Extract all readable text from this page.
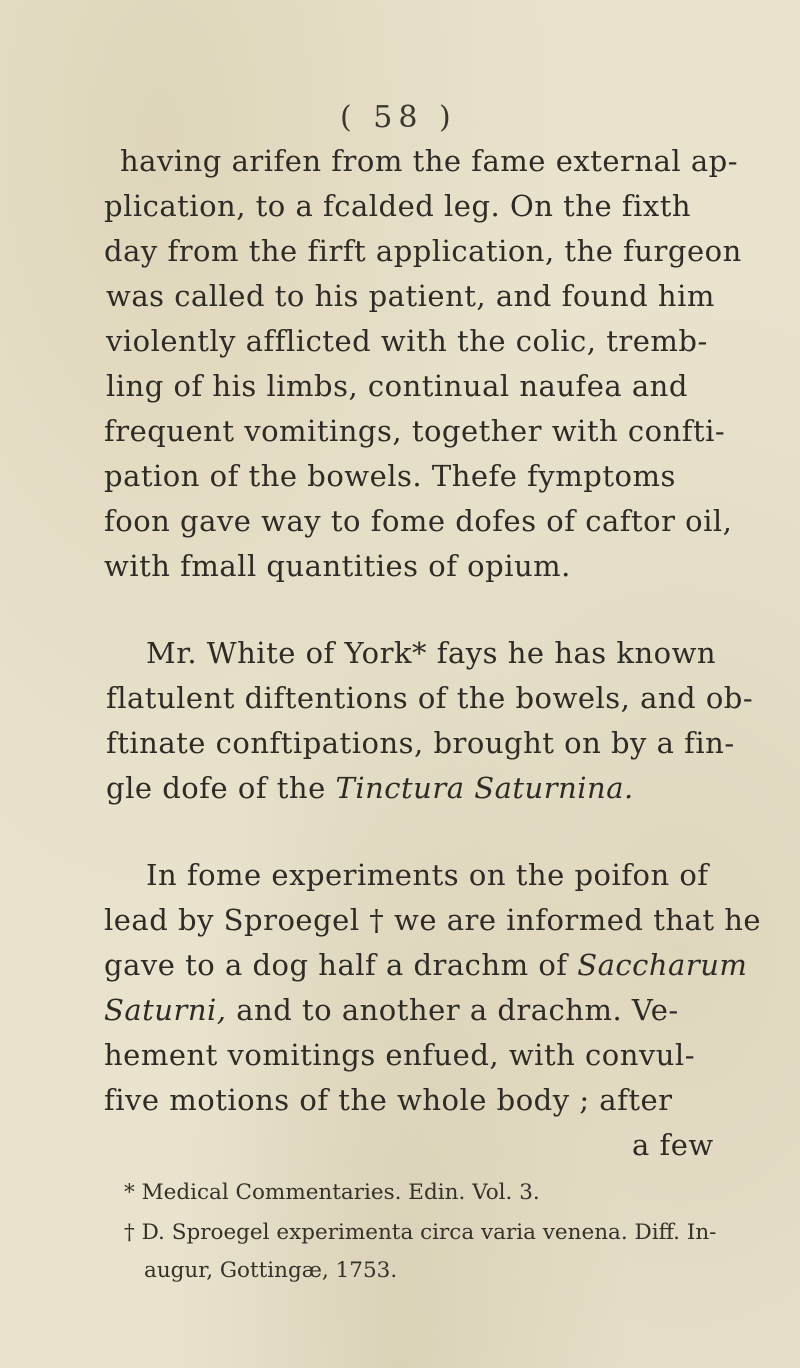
( 58 )
having arifen from the fame external ap-
plication, to a fcalded leg. On the fixth
day from the firft application, the furgeon
was called to his patient, and found him
violently afflicted with the colic, tremb-
ling of his limbs, continual naufea and
frequent vomitings, together with confti-
pation of the bowels. Thefe fymptoms
foon gave way to fome dofes of caftor oil,
with fmall quantities of opium.
Mr. White of York* fays he has known
flatulent diftentions of the bowels, and ob-
ftinate conftipations, brought on by a fin-
gle dofe of the Tinctura Saturnina.
In fome experiments on the poifon of
lead by Sproegel † we are informed that he
gave to a dog half a drachm of Saccharum
Saturni, and to another a drachm. Ve-
hement vomitings enfued, with convul-
five motions of the whole body ; after
a few
* Medical Commentaries. Edin. Vol. 3.
† D. Sproegel experimenta circa varia venena. Diff. In-
augur, Gottingæ, 1753.
